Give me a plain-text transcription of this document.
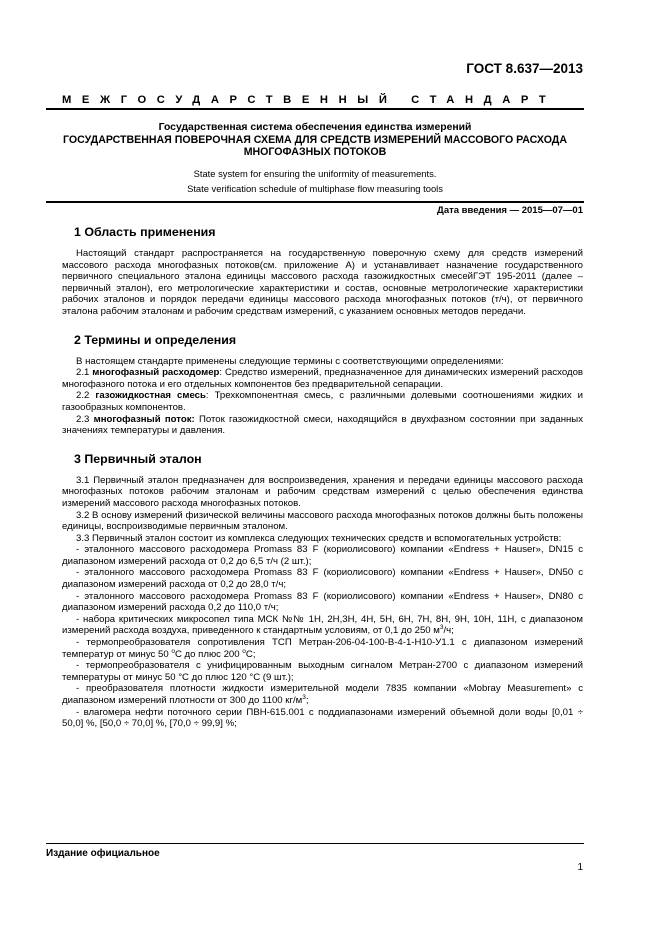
ГОСТ 8.637—2013
МЕЖГОСУДАРСТВЕННЫЙ СТАНДАРТ
Государственная система обеспечения единства измерений
ГОСУДАРСТВЕННАЯ ПОВЕРОЧНАЯ СХЕМА ДЛЯ СРЕДСТВ ИЗМЕРЕНИЙ МАССОВОГО РАСХОДА
МНОГОФАЗНЫХ ПОТОКОВ
State system for ensuring the uniformity of measurements.
State verification schedule of multiphase flow measuring tools
Дата введения — 2015—07—01
1 Область применения

Настоящий стандарт распространяется на государственную поверочную схему для средств измерений массового расхода многофазных потоков(см. приложение А) и устанавливает назначение государственного первичного специального эталона единицы массового расхода газожидкостных смесейГЭТ 195-2011 (далее – первичный эталон), его метрологические характеристики и состав, основные метрологические характеристики рабочих эталонов и порядок передачи единицы массового расхода многофазных потоков (т/ч), от первичного эталона рабочим эталонам и рабочим средствам измерений, с указанием основных методов передачи.

2 Термины и определения

В настоящем стандарте применены следующие термины с соответствующими определениями:

2.1 многофазный расходомер: Средство измерений, предназначенное для динамических измерений расходов многофазного потока и его отдельных компонентов без предварительной сепарации.

2.2 газожидкостная смесь: Трехкомпонентная смесь, с различными долевыми соотношениями жидких и газообразных компонентов.

2.3 многофазный поток: Поток газожидкостной смеси, находящийся в двухфазном состоянии при заданных значениях температуры и давления.

3 Первичный эталон

3.1 Первичный эталон предназначен для воспроизведения, хранения и передачи единицы массового расхода многофазных потоков рабочим эталонам и рабочим средствам измерений с целью обеспечения единства измерений массового расхода многофазных потоков.

3.2 В основу измерений физической величины массового расхода многофазных потоков должны быть положены единицы, воспроизводимые первичным эталоном.

3.3 Первичный эталон состоит из комплекса следующих технических средств и вспомогательных устройств:

- эталонного массового расходомера Promass 83 F (кориолисового) компании «Endress + Hauser», DN15 с диапазоном измерений расхода от 0,2 до 6,5 т/ч (2 шт.);

- эталонного массового расходомера Promass 83 F (кориолисового) компании «Endress + Hauser», DN50 с диапазоном измерений расхода от 0,2 до 28,0 т/ч;

- эталонного массового расходомера Promass 83 F (кориолисового) компании «Endress + Hauser», DN80 с диапазоном измерений расхода 0,2 до 110,0 т/ч;

- набора критических микросопел типа МСК №№ 1Н, 2Н,3Н, 4Н, 5Н, 6Н, 7Н, 8Н, 9Н, 10Н, 11Н, с диапазоном измерений расхода воздуха, приведенного к стандартным условиям, от 0,1 до 250 $м^3/ч$;

- термопреобразователя сопротивления ТСП Метран-206-04-100-В-4-1-Н10-У1.1 с диапазоном измерений температур от минус 50 $^о$С до плюс 200 $^о$С;

- термопреобразователя с унифицированным выходным сигналом Метран-2700 с диапазоном измерений температуры от минус 50 °С до плюс 120 °С (9 шт.);

- преобразователя плотности жидкости измерительной модели 7835 компании «Mobray Measurement» с диапазоном измерений плотности от 300 до 1100 $кг/м^3$;

- влагомера нефти поточного серии ПВН-615.001 с поддиапазонами измерений объемной доли воды [0,01 ÷ 50,0] %, [50,0 ÷ 70,0] %, [70,0 ÷ 99,9] %;

Издание официальное
1
